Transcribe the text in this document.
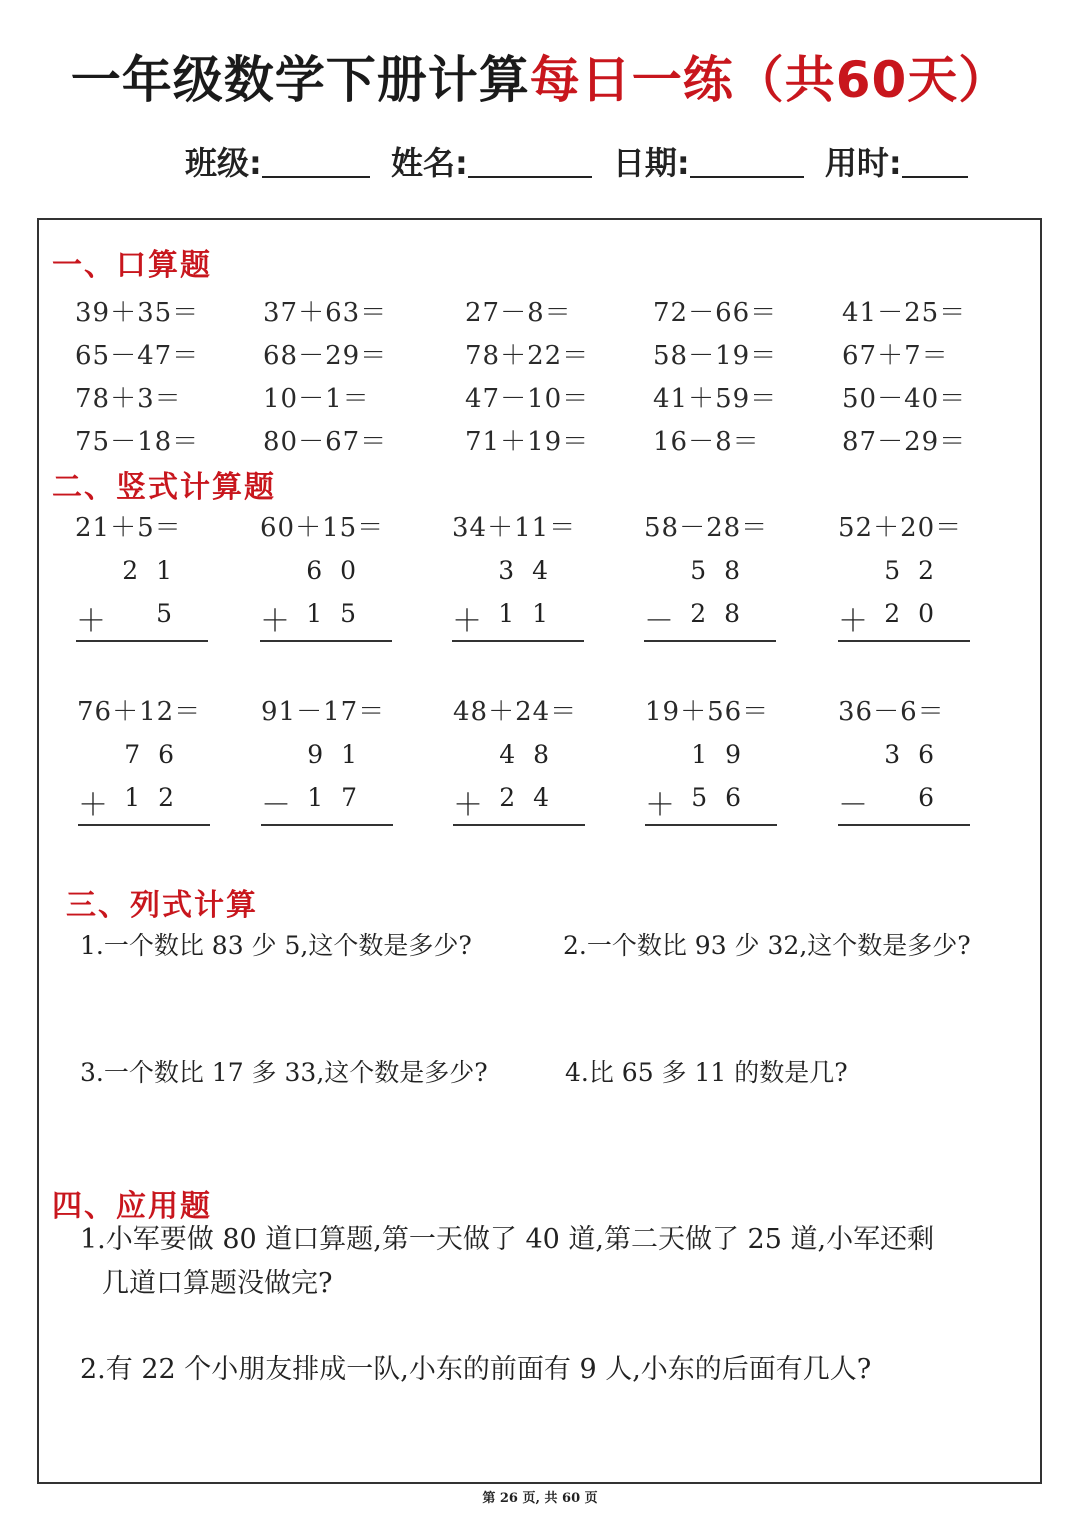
一年级数学下册计算每日一练（共60天）
班级:	姓名:	日期:	用时:
一、口算题
39＋35＝ 37＋63＝	27－8＝	72－66＝ 41－25＝
65－47＝ 68－29＝	78＋22＝ 58－19＝ 67＋7＝
78＋3＝	10－1＝	47－10＝ 41＋59＝ 50－40＝
75－18＝ 80－67＝	71＋19＝ 16－8＝	87－29＝
二、竖式计算题
21＋5＝	60＋15＝	34＋11＝	58－28＝	52＋20＝
21
＋ 5
60
＋ 15
34
＋ 11
58
－ 28
52
＋ 20
76＋12＝ 91－17＝	48＋24＝	19＋56＝	36－6＝
76
＋ 12
91
－ 17
48
＋ 24
19
＋ 56
36
－ 6
三、列式计算
1.一个数比 83 少 5,这个数是多少?	2.一个数比 93 少 32,这个数是多少?
3.一个数比 17 多 33,这个数是多少?	4.比 65 多 11 的数是几?
四、应用题
1.小军要做 80 道口算题,第一天做了 40 道,第二天做了 25 道,小军还剩
几道口算题没做完?
2.有 22 个小朋友排成一队,小东的前面有 9 人,小东的后面有几人?
第 26 页, 共 60 页
